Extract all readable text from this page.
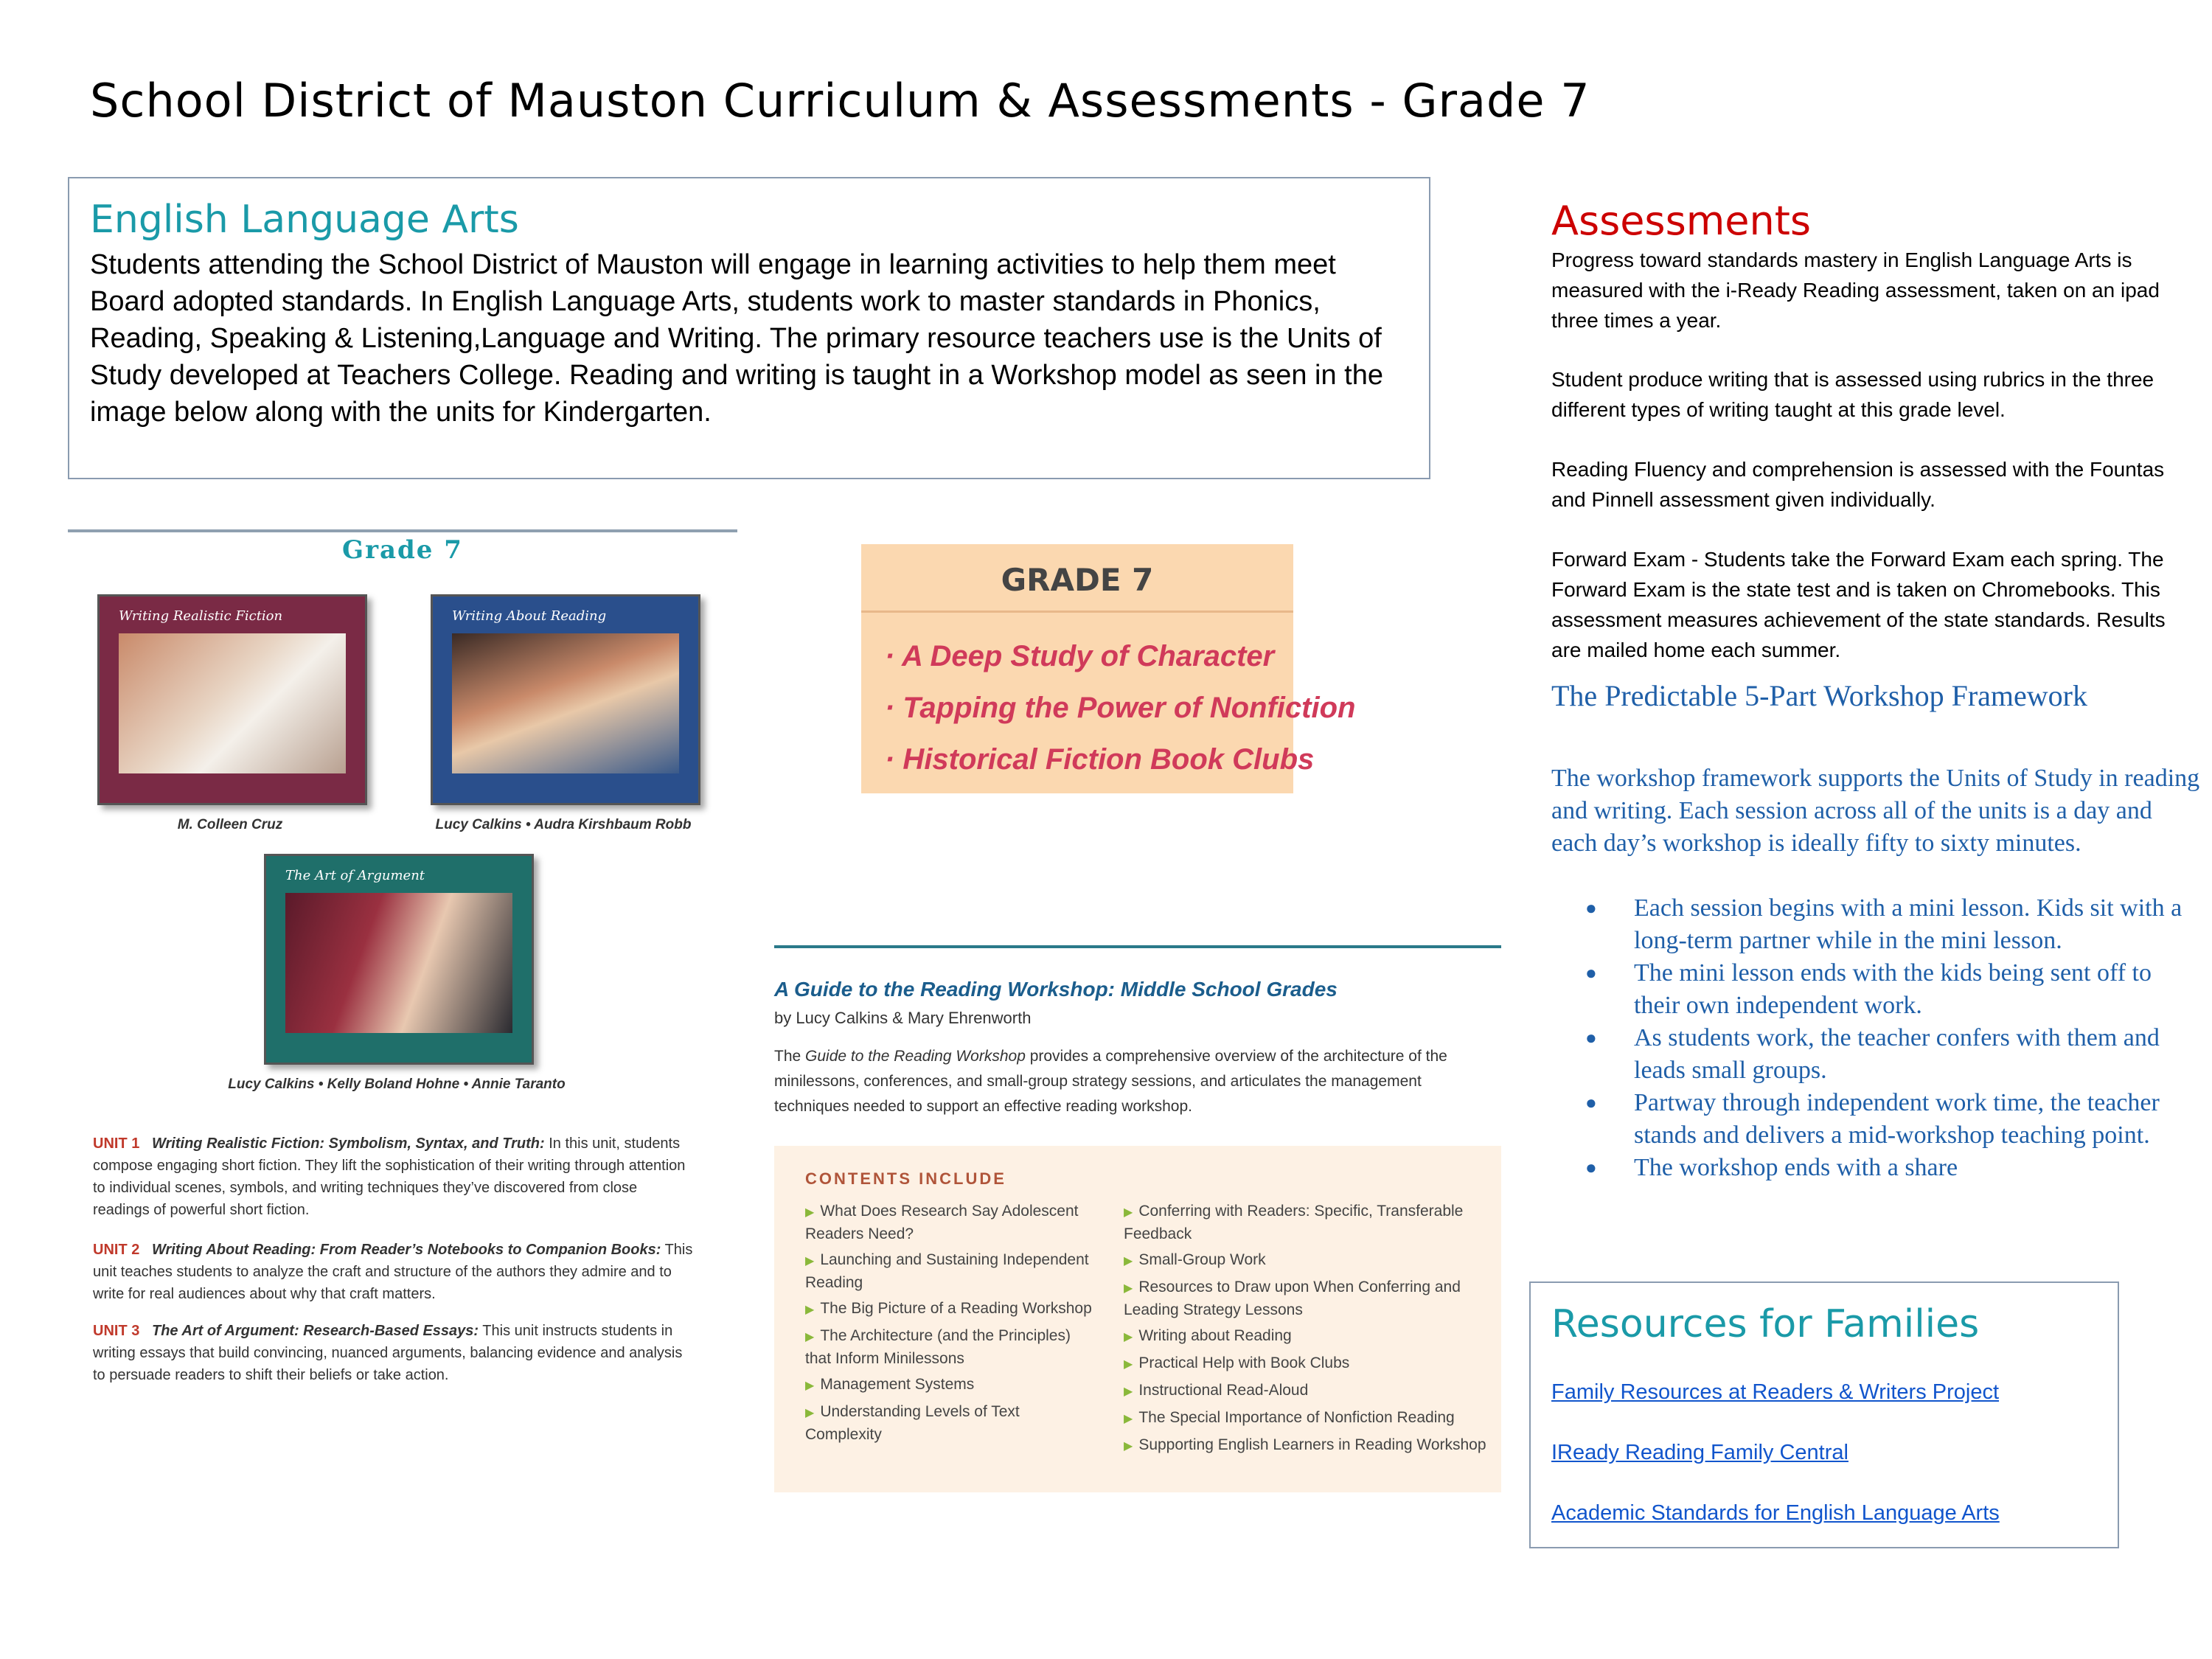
School District of Mauston Curriculum & Assessments - Grade 7
English Language Arts
Students attending the School District of Mauston will engage in learning activities to help them meet Board adopted standards. In English Language Arts, students work to master standards in Phonics, Reading, Speaking & Listening,Language and Writing. The primary resource teachers use is the Units of Study developed at Teachers College. Reading and writing is taught in a Workshop model as seen in the image below along with the units for Kindergarten.
Grade 7
Writing Realistic Fiction
M. Colleen Cruz
Writing About Reading
Lucy Calkins • Audra Kirshbaum Robb
The Art of Argument
Lucy Calkins • Kelly Boland Hohne • Annie Taranto
UNIT 1 Writing Realistic Fiction: Symbolism, Syntax, and Truth: In this unit, students compose engaging short fiction. They lift the sophistication of their writing through attention to individual scenes, symbols, and writing techniques they’ve discovered from close readings of powerful short fiction.
UNIT 2 Writing About Reading: From Reader’s Notebooks to Companion Books: This unit teaches students to analyze the craft and structure of the authors they admire and to write for real audiences about why that craft matters.
UNIT 3 The Art of Argument: Research-Based Essays: This unit instructs students in writing essays that build convincing, nuanced arguments, balancing evidence and analysis to persuade readers to shift their beliefs or take action.
GRADE 7
· A Deep Study of Character
· Tapping the Power of Nonfiction
· Historical Fiction Book Clubs
A Guide to the Reading Workshop: Middle School Grades
by Lucy Calkins & Mary Ehrenworth
The Guide to the Reading Workshop provides a comprehensive overview of the architecture of the minilessons, conferences, and small-group strategy sessions, and articulates the management techniques needed to support an effective reading workshop.
CONTENTS INCLUDE
▶ What Does Research Say Adolescent Readers Need?
▶ Launching and Sustaining Independent Reading
▶ The Big Picture of a Reading Workshop
▶ The Architecture (and the Principles) that Inform Minilessons
▶ Management Systems
▶ Understanding Levels of Text Complexity
▶ Conferring with Readers: Specific, Transferable Feedback
▶ Small-Group Work
▶ Resources to Draw upon When Conferring and Leading Strategy Lessons
▶ Writing about Reading
▶ Practical Help with Book Clubs
▶ Instructional Read-Aloud
▶ The Special Importance of Nonfiction Reading
▶ Supporting English Learners in Reading Workshop
Assessments
Progress toward standards mastery in English Language Arts is measured with the i-Ready Reading assessment, taken on an ipad three times a year.
Student produce writing that is assessed using rubrics in the three different types of writing taught at this grade level.
Reading Fluency and comprehension is assessed with the Fountas and Pinnell assessment given individually.
Forward Exam - Students take the Forward Exam each spring. The Forward Exam is the state test and is taken on Chromebooks. This assessment measures achievement of the state standards. Results are mailed home each summer.
The Predictable 5-Part Workshop Framework
The workshop framework supports the Units of Study in reading and writing. Each session across all of the units is a day and each day’s workshop is ideally fifty to sixty minutes.
● Each session begins with a mini lesson. Kids sit with a long-term partner while in the mini lesson.
● The mini lesson ends with the kids being sent off to their own independent work.
● As students work, the teacher confers with them and leads small groups.
● Partway through independent work time, the teacher stands and delivers a mid-workshop teaching point.
● The workshop ends with a share
Resources for Families
Family Resources at Readers & Writers Project
IReady Reading Family Central
Academic Standards for English Language Arts
